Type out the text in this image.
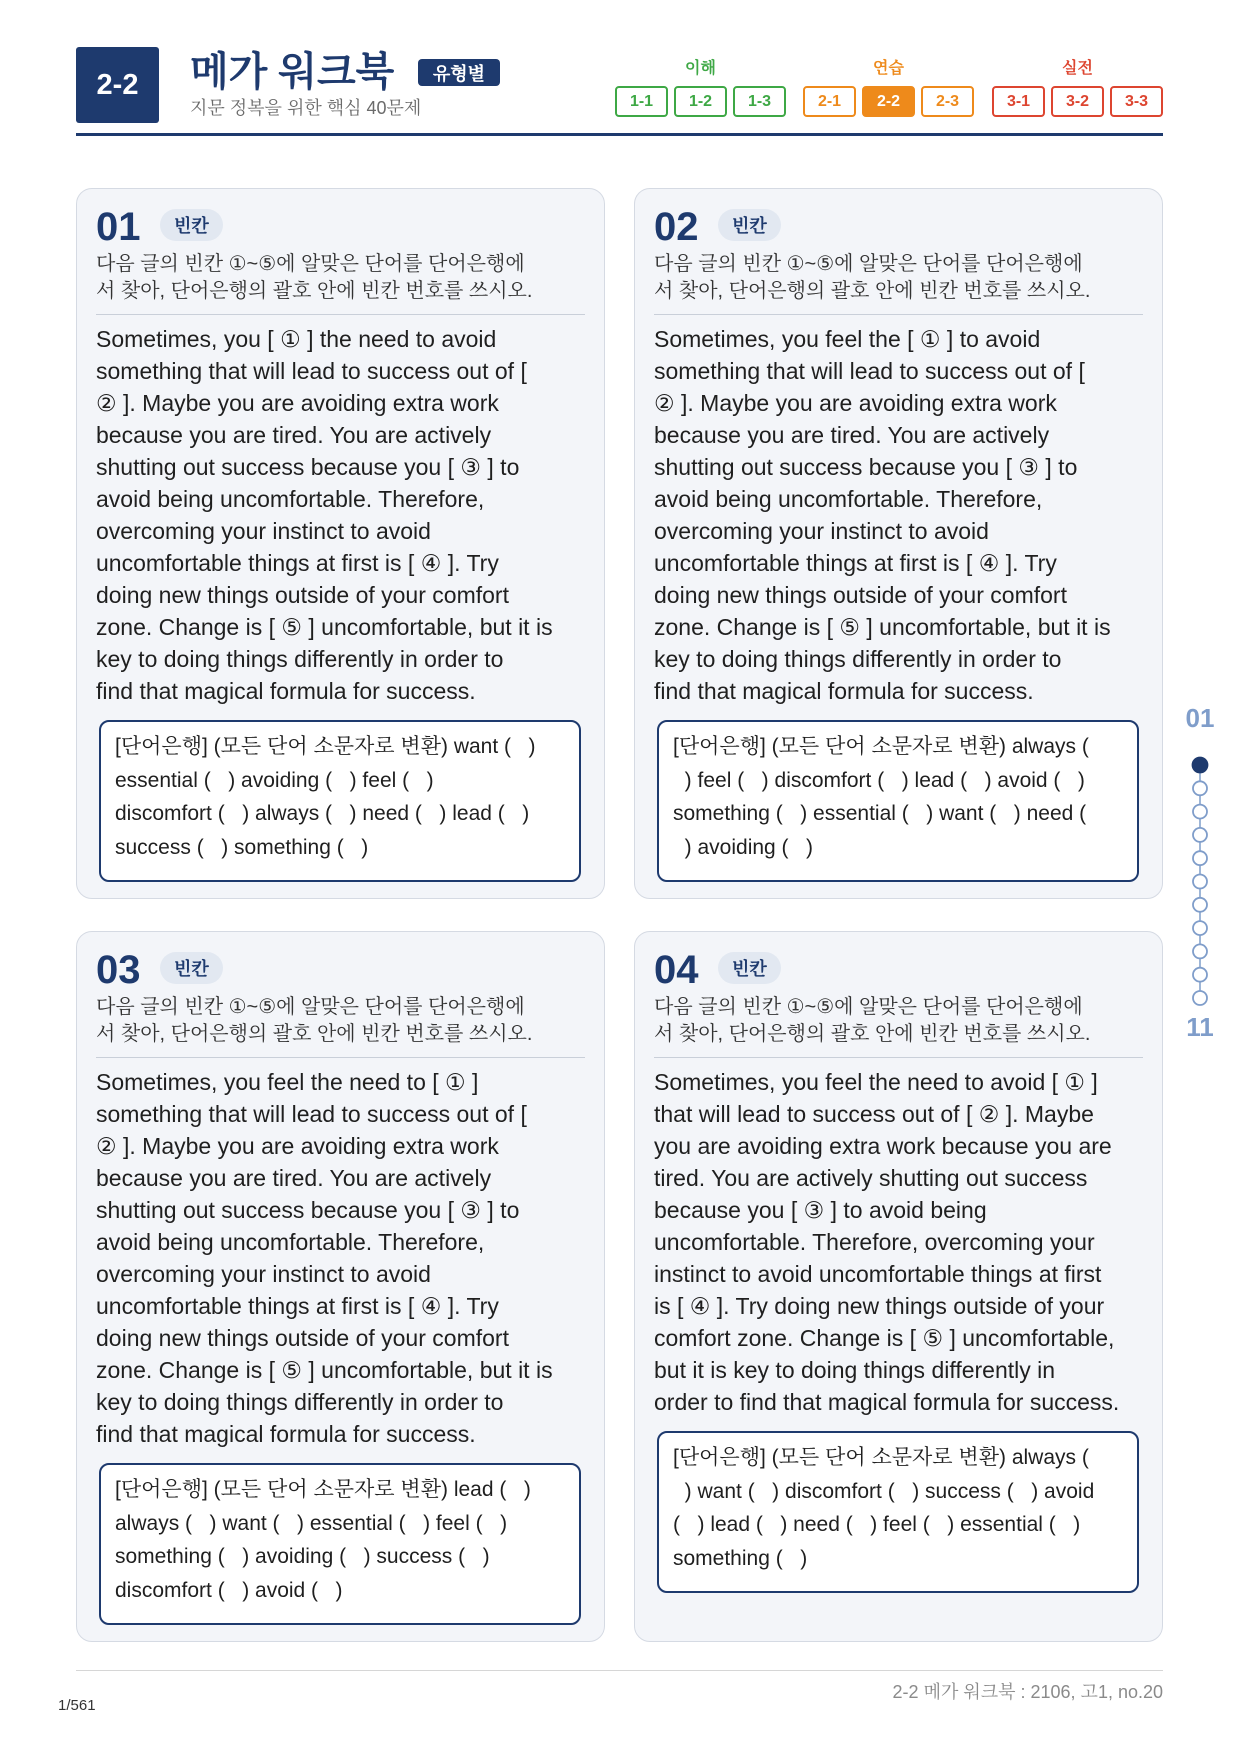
2-2	메가 워크북	유형별
지문 정복을 위한 핵심 40문제
이해
1-1	1-2	1-3
연습
2-1	2-2	2-3
실전
3-1	3-2	3-3
01	빈칸
다음 글의 빈칸 ①~⑤에 알맞은 단어를 단어은행에
서 찾아, 단어은행의 괄호 안에 빈칸 번호를 쓰시오.
Sometimes, you [ ① ] the need to avoid
something that will lead to success out of [
② ]. Maybe you are avoiding extra work
because you are tired. You are actively
shutting out success because you [ ③ ] to
avoid being uncomfortable. Therefore,
overcoming your instinct to avoid
uncomfortable things at first is [ ④ ]. Try
doing new things outside of your comfort
zone. Change is [ ⑤ ] uncomfortable, but it is
key to doing things differently in order to
find that magical formula for success.
[단어은행] (모든 단어 소문자로 변환) want (   )
essential (   ) avoiding (   ) feel (   )
discomfort (   ) always (   ) need (   ) lead (   )
success (   ) something (   )
02	빈칸
다음 글의 빈칸 ①~⑤에 알맞은 단어를 단어은행에
서 찾아, 단어은행의 괄호 안에 빈칸 번호를 쓰시오.
Sometimes, you feel the [ ① ] to avoid
something that will lead to success out of [
② ]. Maybe you are avoiding extra work
because you are tired. You are actively
shutting out success because you [ ③ ] to
avoid being uncomfortable. Therefore,
overcoming your instinct to avoid
uncomfortable things at first is [ ④ ]. Try
doing new things outside of your comfort
zone. Change is [ ⑤ ] uncomfortable, but it is
key to doing things differently in order to
find that magical formula for success.
[단어은행] (모든 단어 소문자로 변환) always (
) feel (   ) discomfort (   ) lead (   ) avoid (   )
something (   ) essential (   ) want (   ) need (
) avoiding (   )
03	빈칸
다음 글의 빈칸 ①~⑤에 알맞은 단어를 단어은행에
서 찾아, 단어은행의 괄호 안에 빈칸 번호를 쓰시오.
Sometimes, you feel the need to [ ① ]
something that will lead to success out of [
② ]. Maybe you are avoiding extra work
because you are tired. You are actively
shutting out success because you [ ③ ] to
avoid being uncomfortable. Therefore,
overcoming your instinct to avoid
uncomfortable things at first is [ ④ ]. Try
doing new things outside of your comfort
zone. Change is [ ⑤ ] uncomfortable, but it is
key to doing things differently in order to
find that magical formula for success.
[단어은행] (모든 단어 소문자로 변환) lead (   )
always (   ) want (   ) essential (   ) feel (   )
something (   ) avoiding (   ) success (   )
discomfort (   ) avoid (   )
04	빈칸
다음 글의 빈칸 ①~⑤에 알맞은 단어를 단어은행에
서 찾아, 단어은행의 괄호 안에 빈칸 번호를 쓰시오.
Sometimes, you feel the need to avoid [ ① ]
that will lead to success out of [ ② ]. Maybe
you are avoiding extra work because you are
tired. You are actively shutting out success
because you [ ③ ] to avoid being
uncomfortable. Therefore, overcoming your
instinct to avoid uncomfortable things at first
is [ ④ ]. Try doing new things outside of your
comfort zone. Change is [ ⑤ ] uncomfortable,
but it is key to doing things differently in
order to find that magical formula for success.
[단어은행] (모든 단어 소문자로 변환) always (
) want (   ) discomfort (   ) success (   ) avoid
(   ) lead (   ) need (   ) feel (   ) essential (   )
something (   )
01
11
2-2 메가 워크북 : 2106, 고1, no.20
1/561
